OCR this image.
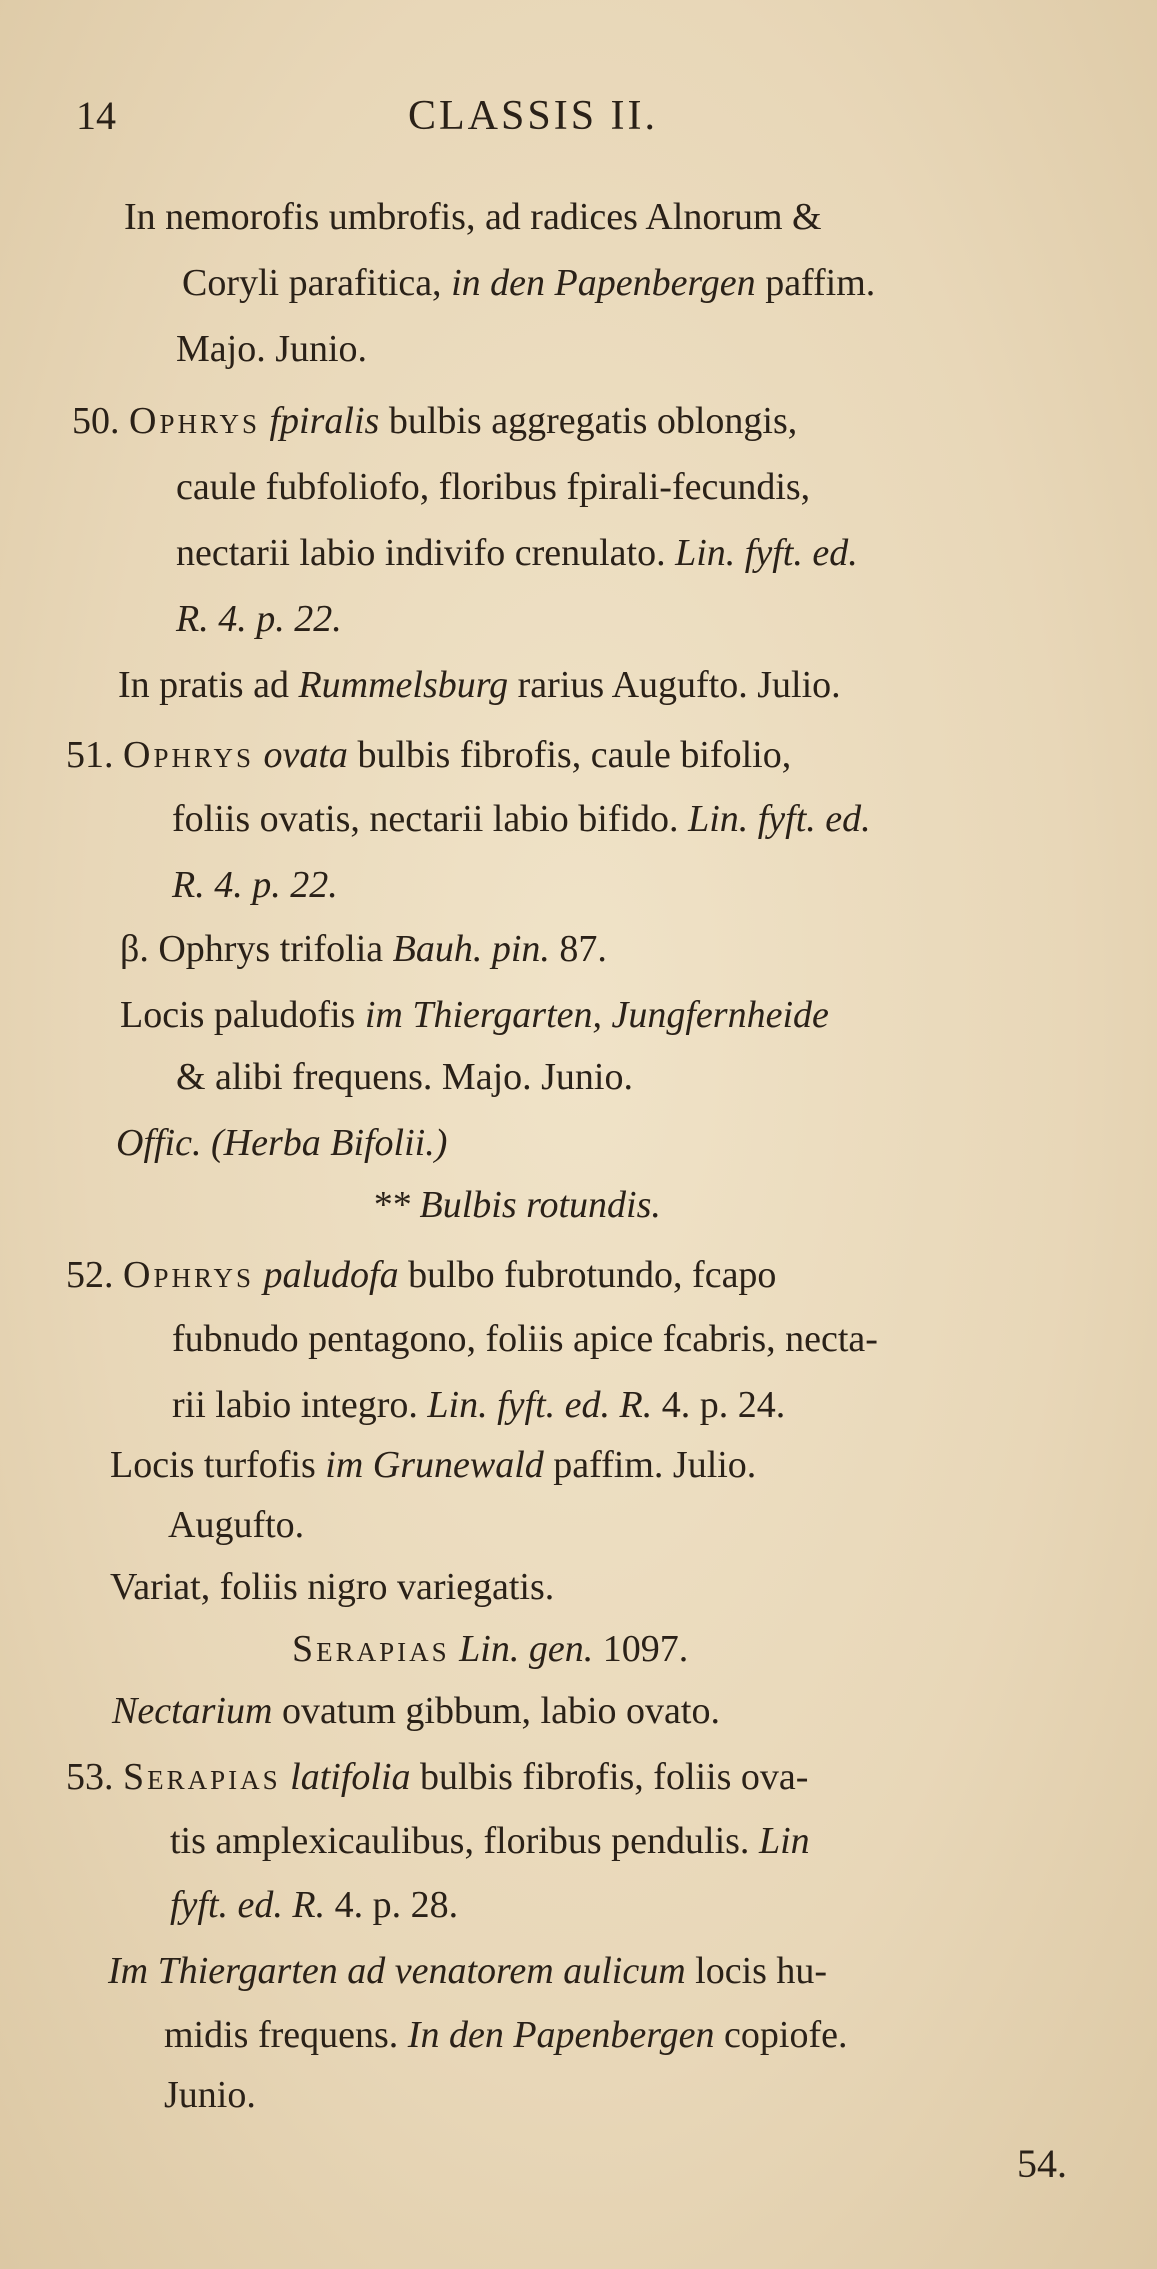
14	CLASSIS II.
In nemorofis umbrofis, ad radices Alnorum &
Coryli parafitica, in den Papenbergen paffim.
Majo. Junio.
50. Ophrys fpiralis bulbis aggregatis oblongis,
caule fubfoliofo, floribus fpirali-fecundis,
nectarii labio indivifo crenulato. Lin. fyft. ed.
R. 4. p. 22.
In pratis ad Rummelsburg rarius Augufto. Julio.
51. Ophrys ovata bulbis fibrofis, caule bifolio,
foliis ovatis, nectarii labio bifido. Lin. fyft. ed.
R. 4. p. 22.
β. Ophrys trifolia Bauh. pin. 87.
Locis paludofis im Thiergarten, Jungfernheide
& alibi frequens. Majo. Junio.
Offic. (Herba Bifolii.)
** Bulbis rotundis.
52. Ophrys paludofa bulbo fubrotundo, fcapo
fubnudo pentagono, foliis apice fcabris, necta-
rii labio integro. Lin. fyft. ed. R. 4. p. 24.
Locis turfofis im Grunewald paffim. Julio.
Augufto.
Variat, foliis nigro variegatis.
Serapias Lin. gen. 1097.
Nectarium ovatum gibbum, labio ovato.
53. Serapias latifolia bulbis fibrofis, foliis ova-
tis amplexicaulibus, floribus pendulis. Lin
fyft. ed. R. 4. p. 28.
Im Thiergarten ad venatorem aulicum locis hu-
midis frequens. In den Papenbergen copiofe.
Junio.
54.
